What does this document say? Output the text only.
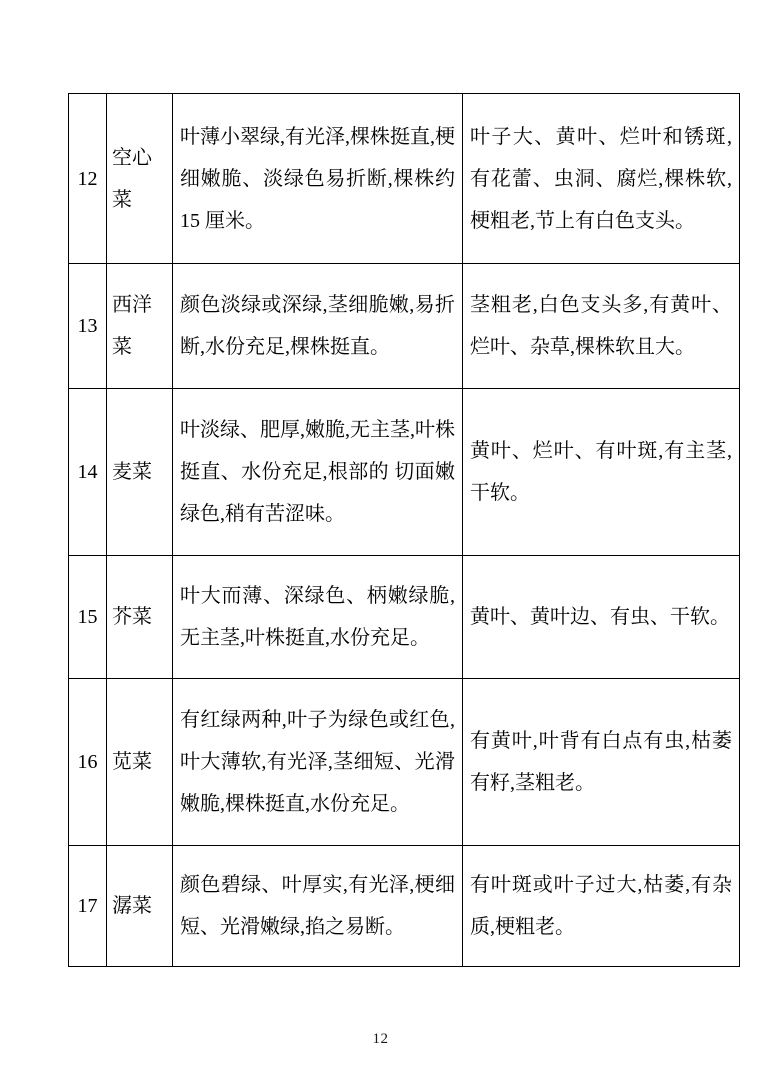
12	空心菜	叶薄小翠绿,有光泽,棵株挺直,梗细嫩脆、淡绿色易折断,棵株约 15 厘米。	叶子大、黄叶、烂叶和锈斑,有花蕾、虫洞、腐烂,棵株软,梗粗老,节上有白色支头。
13	西洋菜	颜色淡绿或深绿,茎细脆嫩,易折断,水份充足,棵株挺直。	茎粗老,白色支头多,有黄叶、烂叶、杂草,棵株软且大。
14	麦菜	叶淡绿、肥厚,嫩脆,无主茎,叶株挺直、水份充足,根部的 切面嫩绿色,稍有苦涩味。	黄叶、烂叶、有叶斑,有主茎,干软。
15	芥菜	叶大而薄、深绿色、柄嫩绿脆,无主茎,叶株挺直,水份充足。	黄叶、黄叶边、有虫、干软。
16	苋菜	有红绿两种,叶子为绿色或红色,叶大薄软,有光泽,茎细短、光滑嫩脆,棵株挺直,水份充足。	有黄叶,叶背有白点有虫,枯萎有籽,茎粗老。
17	潺菜	颜色碧绿、叶厚实,有光泽,梗细短、光滑嫩绿,掐之易断。	有叶斑或叶子过大,枯萎,有杂质,梗粗老。
12
